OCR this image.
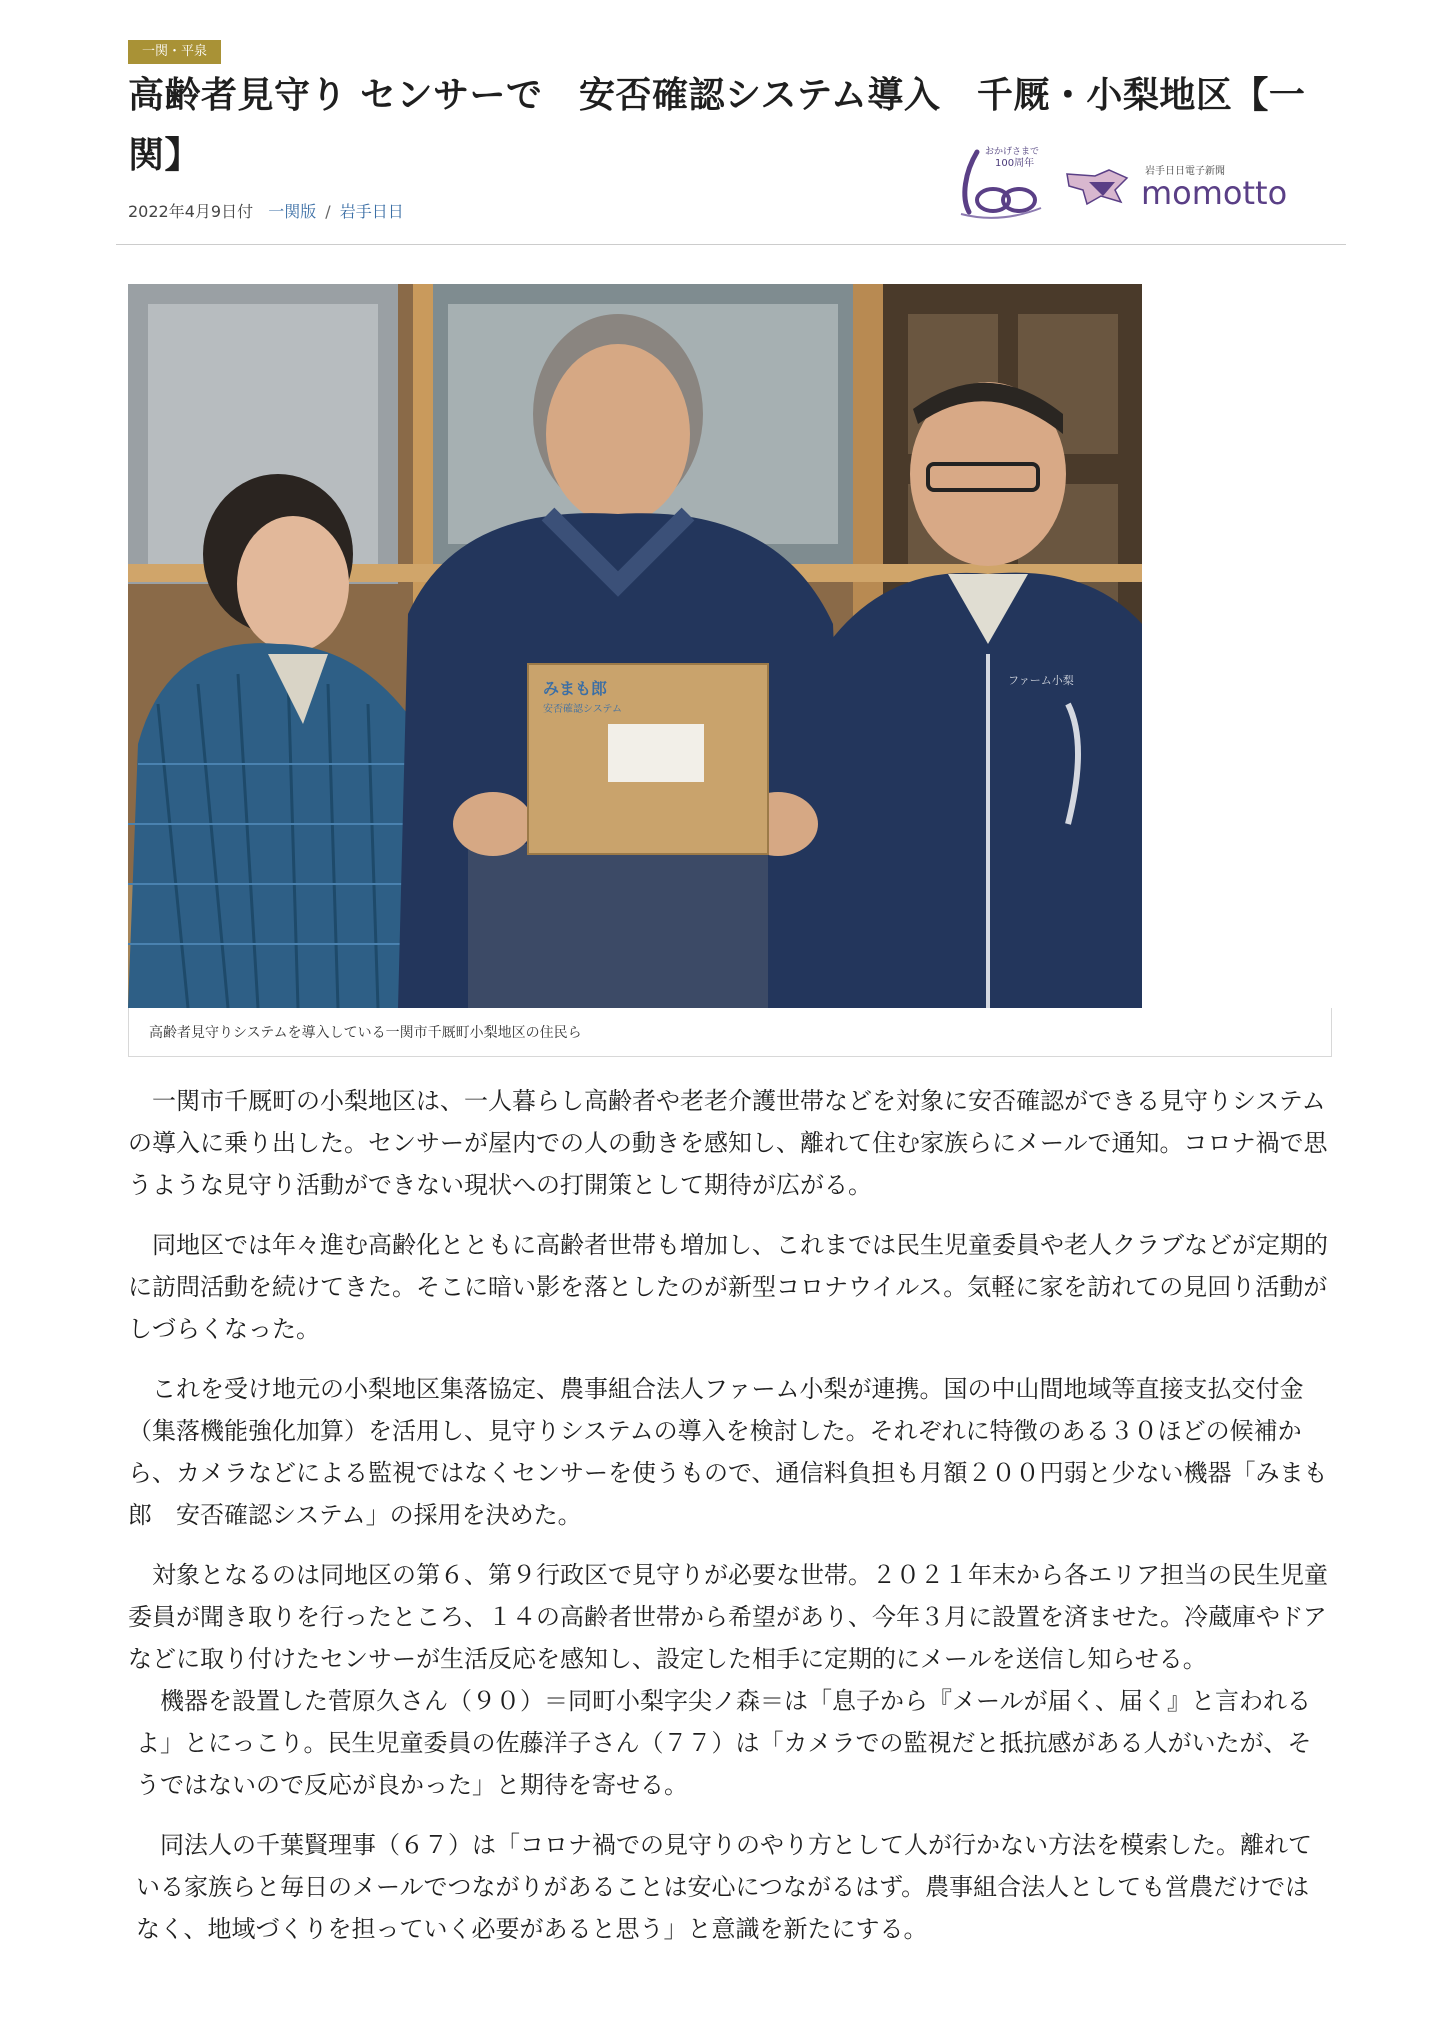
一関・平泉
高齢者見守り センサーで　安否確認システム導入　千厩・小梨地区【一関】
2022年4月9日付 一関版 / 岩手日日
おかげさまで
100周年
岩手日日電子新聞
momotto
みまも郎
安否確認システム
ファーム小梨
高齢者見守りシステムを導入している一関市千厩町小梨地区の住民ら

一関市千厩町の小梨地区は、一人暮らし高齢者や老老介護世帯などを対象に安否確認ができる見守りシステムの導入に乗り出した。センサーが屋内での人の動きを感知し、離れて住む家族らにメールで通知。コロナ禍で思うような見守り活動ができない現状への打開策として期待が広がる。

同地区では年々進む高齢化とともに高齢者世帯も増加し、これまでは民生児童委員や老人クラブなどが定期的に訪問活動を続けてきた。そこに暗い影を落としたのが新型コロナウイルス。気軽に家を訪れての見回り活動がしづらくなった。

これを受け地元の小梨地区集落協定、農事組合法人ファーム小梨が連携。国の中山間地域等直接支払交付金（集落機能強化加算）を活用し、見守りシステムの導入を検討した。それぞれに特徴のある３０ほどの候補から、カメラなどによる監視ではなくセンサーを使うもので、通信料負担も月額２００円弱と少ない機器「みまも郎　安否確認システム」の採用を決めた。

対象となるのは同地区の第６、第９行政区で見守りが必要な世帯。２０２１年末から各エリア担当の民生児童委員が聞き取りを行ったところ、１４の高齢者世帯から希望があり、今年３月に設置を済ませた。冷蔵庫やドアなどに取り付けたセンサーが生活反応を感知し、設定した相手に定期的にメールを送信し知らせる。

機器を設置した菅原久さん（９０）＝同町小梨字尖ノ森＝は「息子から『メールが届く、届く』と言われるよ」とにっこり。民生児童委員の佐藤洋子さん（７７）は「カメラでの監視だと抵抗感がある人がいたが、そうではないので反応が良かった」と期待を寄せる。

同法人の千葉賢理事（６７）は「コロナ禍での見守りのやり方として人が行かない方法を模索した。離れている家族らと毎日のメールでつながりがあることは安心につながるはず。農事組合法人としても営農だけではなく、地域づくりを担っていく必要があると思う」と意識を新たにする。
